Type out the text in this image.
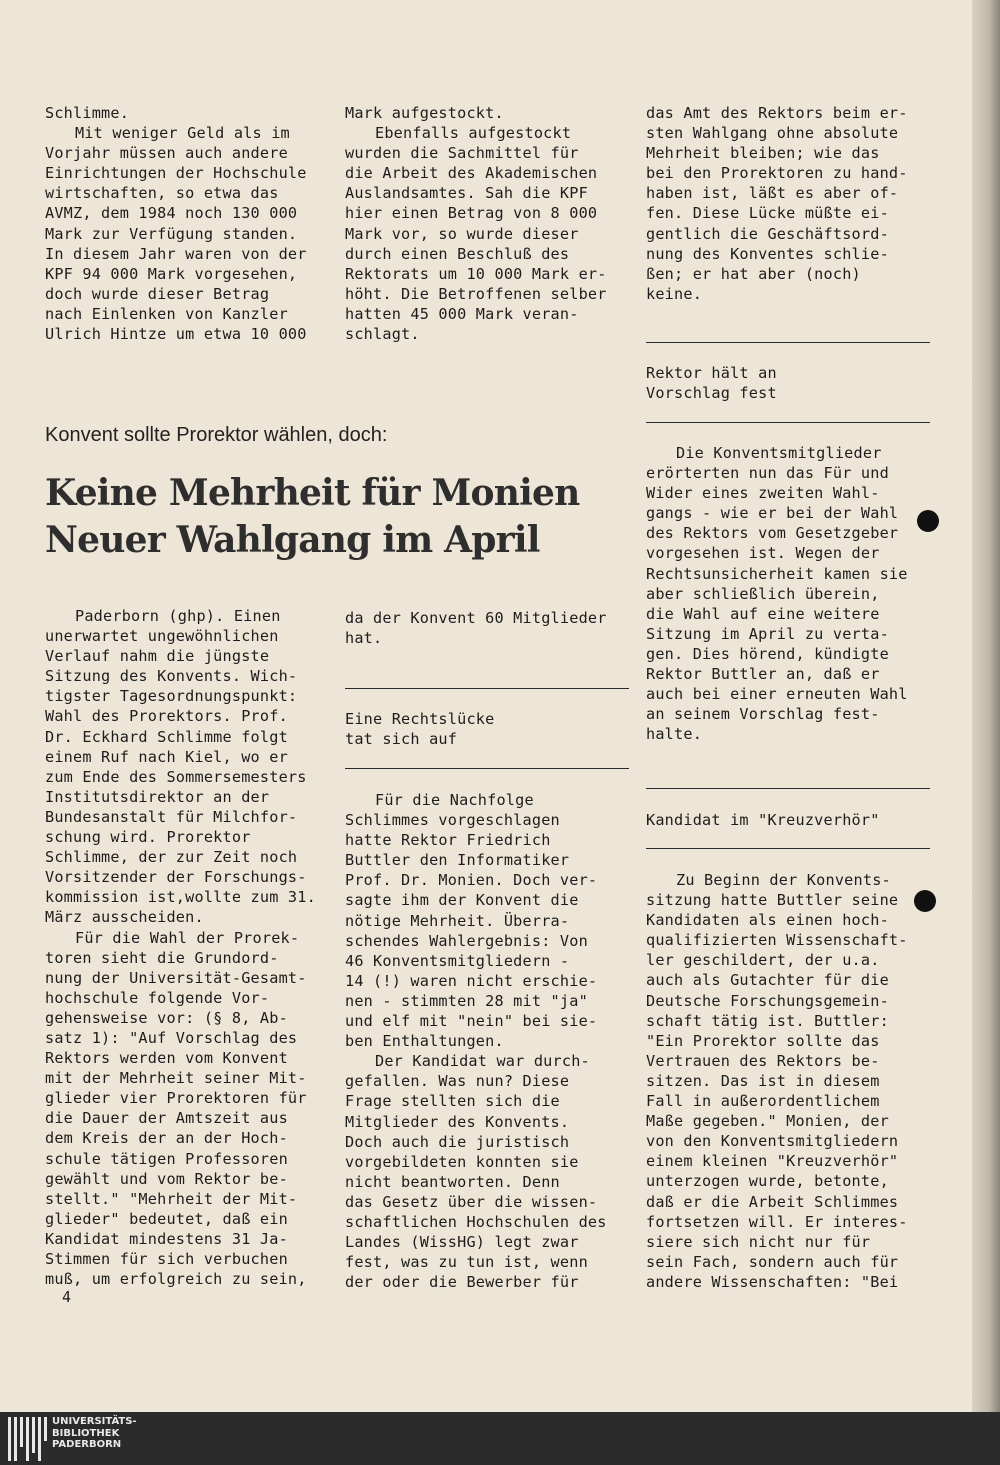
Schlimme.

Mit weniger Geld als im

Vorjahr müssen auch andere

Einrichtungen der Hochschule

wirtschaften, so etwa das

AVMZ, dem 1984 noch 130 000

Mark zur Verfügung standen.

In diesem Jahr waren von der

KPF 94 000 Mark vorgesehen,

doch wurde dieser Betrag

nach Einlenken von Kanzler

Ulrich Hintze um etwa 10 000

Mark aufgestockt.

Ebenfalls aufgestockt

wurden die Sachmittel für

die Arbeit des Akademischen

Auslandsamtes. Sah die KPF

hier einen Betrag von 8 000

Mark vor, so wurde dieser

durch einen Beschluß des

Rektorats um 10 000 Mark er-

höht. Die Betroffenen selber

hatten 45 000 Mark veran-

schlagt.

Konvent sollte Prorektor wählen, doch:
Keine Mehrheit für Monien
Neuer Wahlgang im April

Paderborn (ghp). Einen

unerwartet ungewöhnlichen

Verlauf nahm die jüngste

Sitzung des Konvents. Wich-

tigster Tagesordnungspunkt:

Wahl des Prorektors. Prof.

Dr. Eckhard Schlimme folgt

einem Ruf nach Kiel, wo er

zum Ende des Sommersemesters

Institutsdirektor an der

Bundesanstalt für Milchfor-

schung wird. Prorektor

Schlimme, der zur Zeit noch

Vorsitzender der Forschungs-

kommission ist,wollte zum 31.

März ausscheiden.

Für die Wahl der Prorek-

toren sieht die Grundord-

nung der Universität-Gesamt-

hochschule folgende Vor-

gehensweise vor: (§ 8, Ab-

satz 1): "Auf Vorschlag des

Rektors werden vom Konvent

mit der Mehrheit seiner Mit-

glieder vier Prorektoren für

die Dauer der Amtszeit aus

dem Kreis der an der Hoch-

schule tätigen Professoren

gewählt und vom Rektor be-

stellt." "Mehrheit der Mit-

glieder" bedeutet, daß ein

Kandidat mindestens 31 Ja-

Stimmen für sich verbuchen

muß, um erfolgreich zu sein,

da der Konvent 60 Mitglieder

hat.

Eine Rechtslücke

tat sich auf

Für die Nachfolge

Schlimmes vorgeschlagen

hatte Rektor Friedrich

Buttler den Informatiker

Prof. Dr. Monien. Doch ver-

sagte ihm der Konvent die

nötige Mehrheit. Überra-

schendes Wahlergebnis: Von

46 Konventsmitgliedern -

14 (!) waren nicht erschie-

nen - stimmten 28 mit "ja"

und elf mit "nein" bei sie-

ben Enthaltungen.

Der Kandidat war durch-

gefallen. Was nun? Diese

Frage stellten sich die

Mitglieder des Konvents.

Doch auch die juristisch

vorgebildeten konnten sie

nicht beantworten. Denn

das Gesetz über die wissen-

schaftlichen Hochschulen des

Landes (WissHG) legt zwar

fest, was zu tun ist, wenn

der oder die Bewerber für

das Amt des Rektors beim er-

sten Wahlgang ohne absolute

Mehrheit bleiben; wie das

bei den Prorektoren zu hand-

haben ist, läßt es aber of-

fen. Diese Lücke müßte ei-

gentlich die Geschäftsord-

nung des Konventes schlie-

ßen; er hat aber (noch)

keine.

Rektor hält an

Vorschlag fest

Die Konventsmitglieder

erörterten nun das Für und

Wider eines zweiten Wahl-

gangs - wie er bei der Wahl

des Rektors vom Gesetzgeber

vorgesehen ist. Wegen der

Rechtsunsicherheit kamen sie

aber schließlich überein,

die Wahl auf eine weitere

Sitzung im April zu verta-

gen. Dies hörend, kündigte

Rektor Buttler an, daß er

auch bei einer erneuten Wahl

an seinem Vorschlag fest-

halte.

Kandidat im "Kreuzverhör"

Zu Beginn der Konvents-

sitzung hatte Buttler seine

Kandidaten als einen hoch-

qualifizierten Wissenschaft-

ler geschildert, der u.a.

auch als Gutachter für die

Deutsche Forschungsgemein-

schaft tätig ist. Buttler:

"Ein Prorektor sollte das

Vertrauen des Rektors be-

sitzen. Das ist in diesem

Fall in außerordentlichem

Maße gegeben." Monien, der

von den Konventsmitgliedern

einem kleinen "Kreuzverhör"

unterzogen wurde, betonte,

daß er die Arbeit Schlimmes

fortsetzen will. Er interes-

siere sich nicht nur für

sein Fach, sondern auch für

andere Wissenschaften: "Bei

4
UNIVERSITÄTS-
BIBLIOTHEK
PADERBORN
